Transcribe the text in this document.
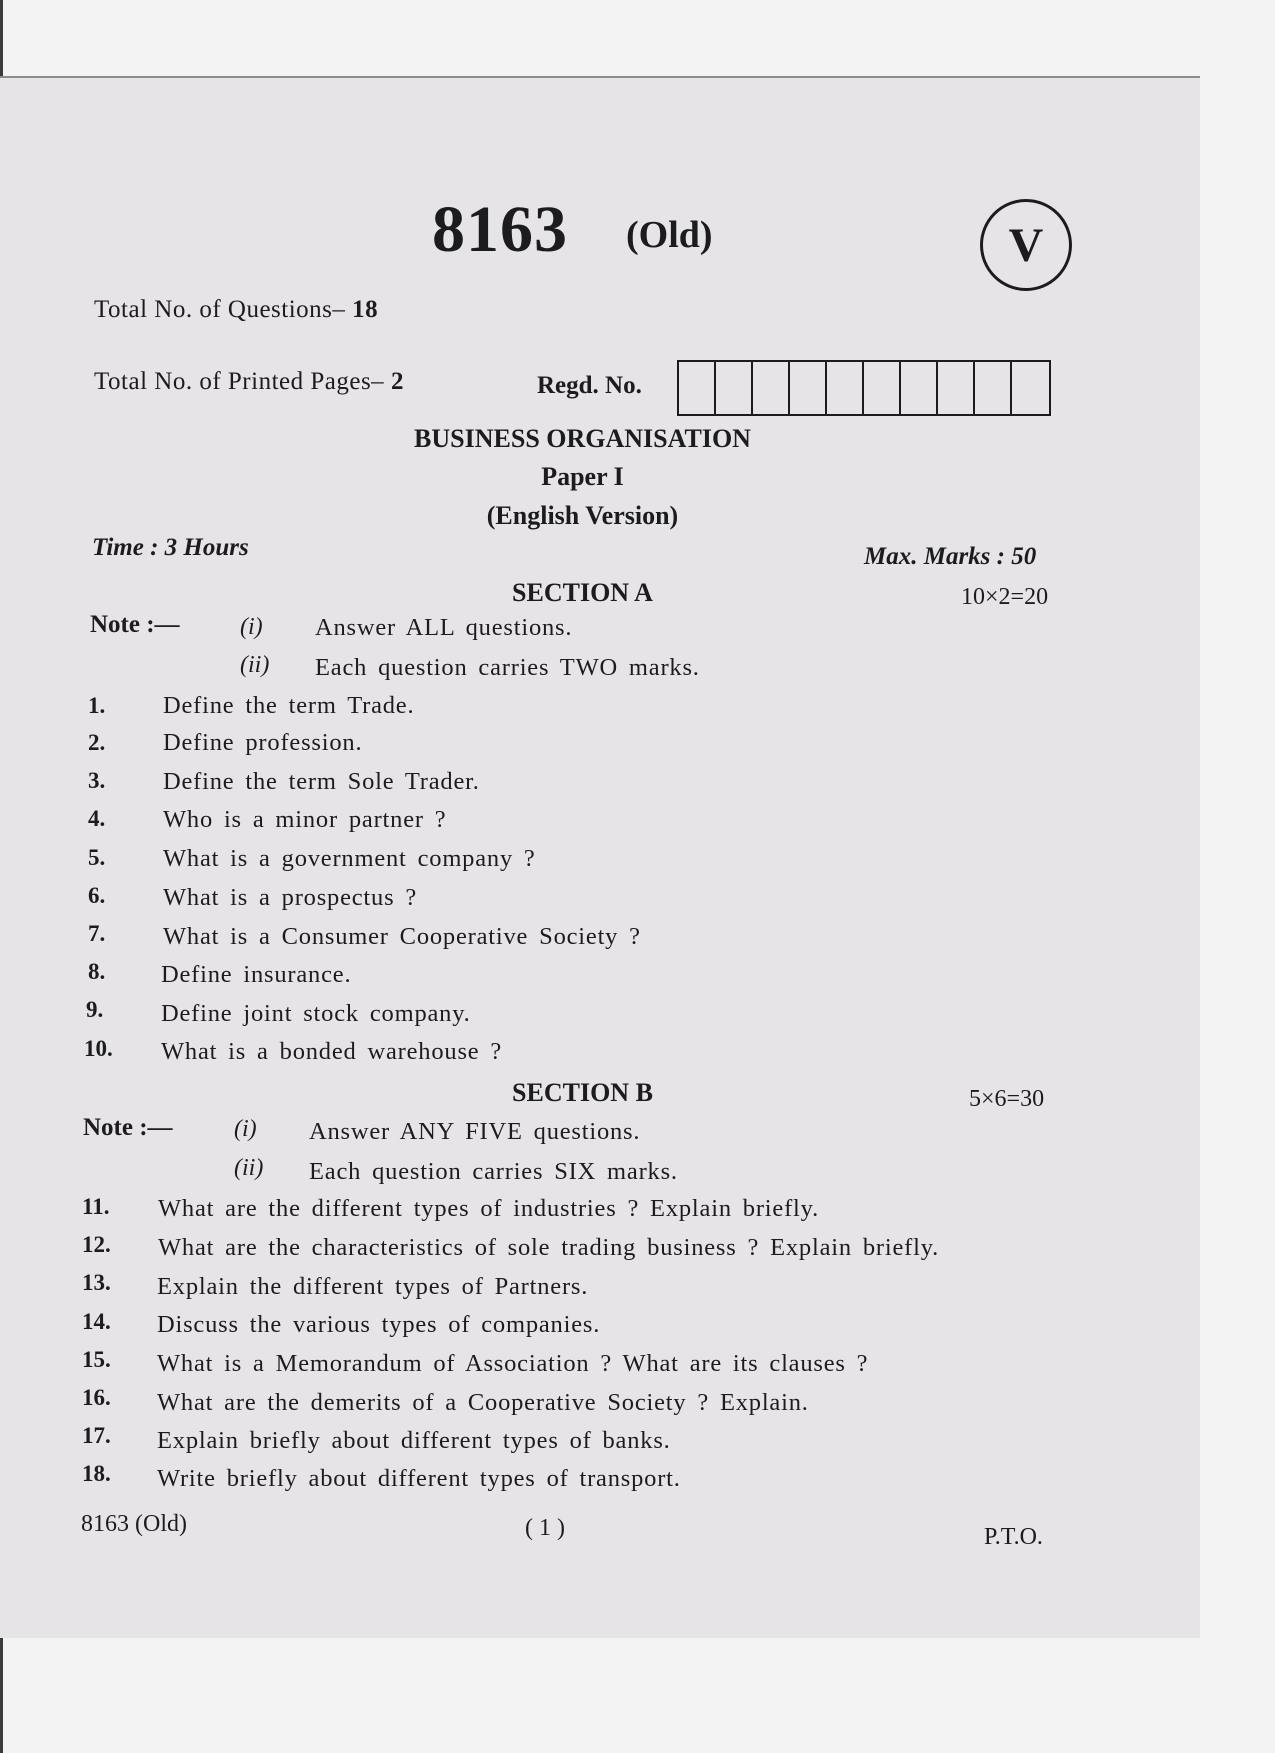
8163 (Old)	V
Total No. of Questions– 18
Total No. of Printed Pages– 2	Regd. No.
BUSINESS ORGANISATION
Paper I
(English Version)
Time : 3 Hours	Max. Marks : 50
SECTION A	10×2=20
Note :—	(i) Answer ALL questions.
(ii) Each question carries TWO marks.
1. Define the term Trade.
2. Define profession.
3. Define the term Sole Trader.
4. Who is a minor partner ?
5. What is a government company ?
6. What is a prospectus ?
7. What is a Consumer Cooperative Society ?
8. Define insurance.
9. Define joint stock company.
10. What is a bonded warehouse ?
SECTION B	5×6=30
Note :—	(i) Answer ANY FIVE questions.
(ii) Each question carries SIX marks.
11. What are the different types of industries ? Explain briefly.
12. What are the characteristics of sole trading business ? Explain briefly.
13. Explain the different types of Partners.
14. Discuss the various types of companies.
15. What is a Memorandum of Association ? What are its clauses ?
16. What are the demerits of a Cooperative Society ? Explain.
17. Explain briefly about different types of banks.
18. Write briefly about different types of transport.
8163 (Old)	( 1 )	P.T.O.
